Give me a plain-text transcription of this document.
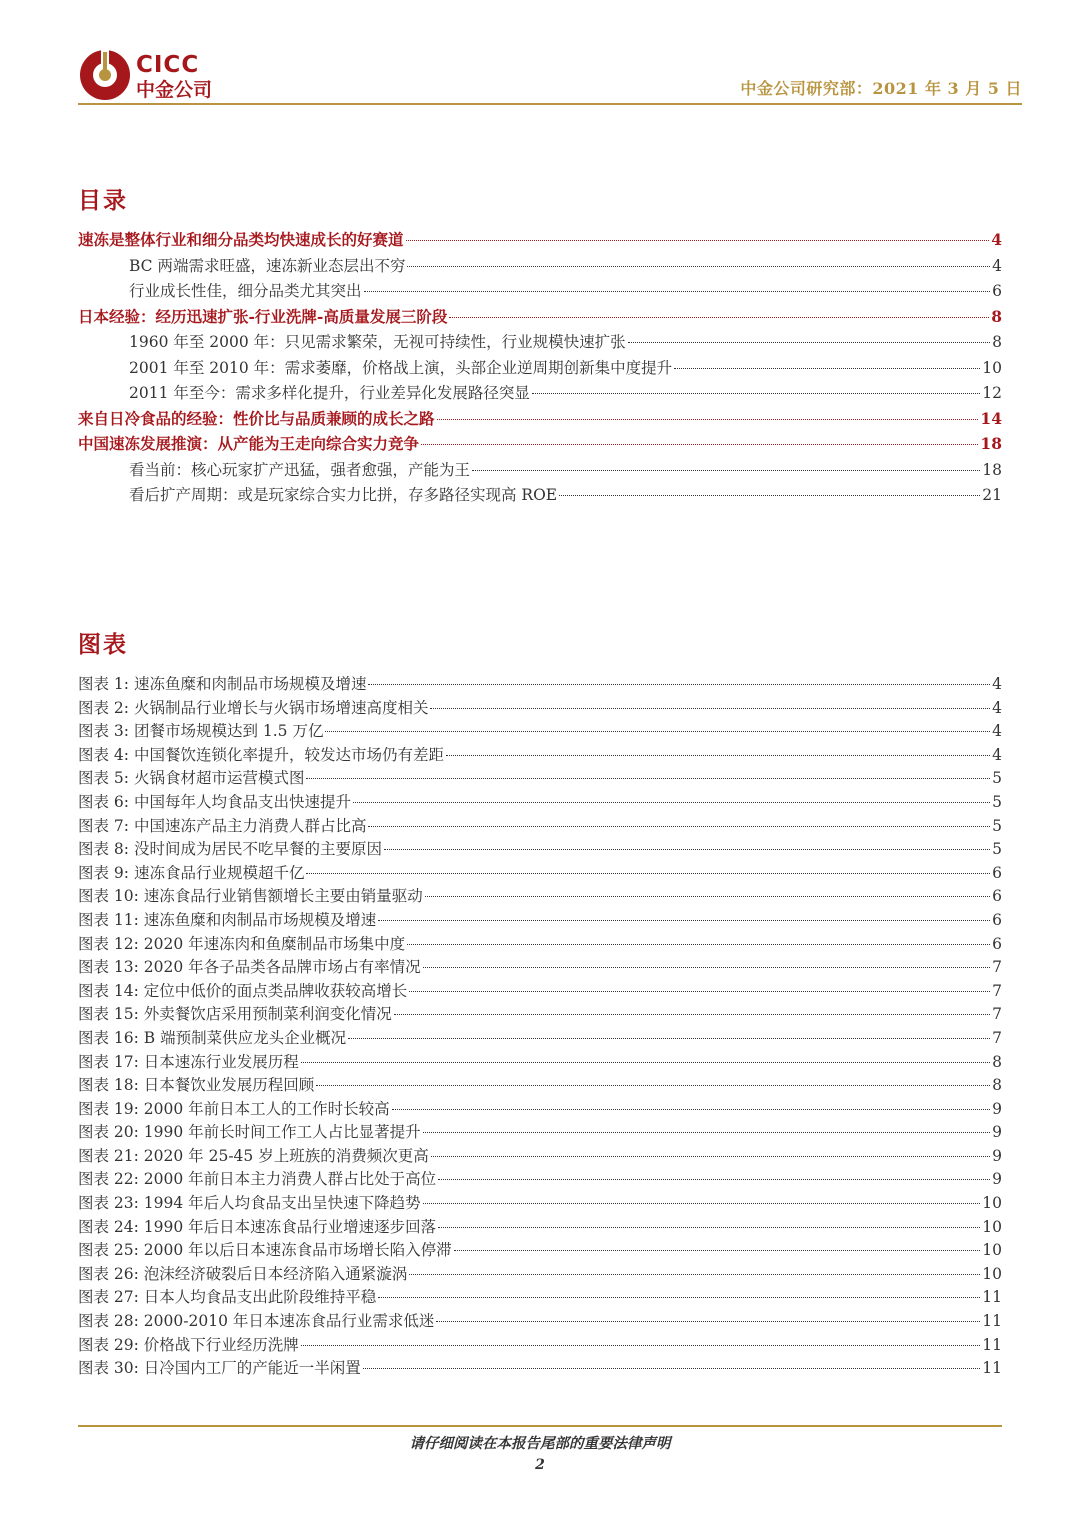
CICC
中金公司	中金公司研究部：2021 年 3 月 5 日
目录
速冻是整体行业和细分品类均快速成长的好赛道	4
BC 两端需求旺盛，速冻新业态层出不穷	4
行业成长性佳，细分品类尤其突出	6
日本经验：经历迅速扩张-行业洗牌-高质量发展三阶段	8
1960 年至 2000 年：只见需求繁荣，无视可持续性，行业规模快速扩张	8
2001 年至 2010 年：需求萎靡，价格战上演，头部企业逆周期创新集中度提升	10
2011 年至今：需求多样化提升，行业差异化发展路径突显	12
来自日冷食品的经验：性价比与品质兼顾的成长之路	14
中国速冻发展推演：从产能为王走向综合实力竞争	18
看当前：核心玩家扩产迅猛，强者愈强，产能为王	18
看后扩产周期：或是玩家综合实力比拼，存多路径实现高 ROE	21
图表
图表 1: 速冻鱼糜和肉制品市场规模及增速	4
图表 2: 火锅制品行业增长与火锅市场增速高度相关	4
图表 3: 团餐市场规模达到 1.5 万亿	4
图表 4: 中国餐饮连锁化率提升，较发达市场仍有差距	4
图表 5: 火锅食材超市运营模式图	5
图表 6: 中国每年人均食品支出快速提升	5
图表 7: 中国速冻产品主力消费人群占比高	5
图表 8: 没时间成为居民不吃早餐的主要原因	5
图表 9: 速冻食品行业规模超千亿	6
图表 10: 速冻食品行业销售额增长主要由销量驱动	6
图表 11: 速冻鱼糜和肉制品市场规模及增速	6
图表 12: 2020 年速冻肉和鱼糜制品市场集中度	6
图表 13: 2020 年各子品类各品牌市场占有率情况	7
图表 14: 定位中低价的面点类品牌收获较高增长	7
图表 15: 外卖餐饮店采用预制菜利润变化情况	7
图表 16: B 端预制菜供应龙头企业概况	7
图表 17: 日本速冻行业发展历程	8
图表 18: 日本餐饮业发展历程回顾	8
图表 19: 2000 年前日本工人的工作时长较高	9
图表 20: 1990 年前长时间工作工人占比显著提升	9
图表 21: 2020 年 25-45 岁上班族的消费频次更高	9
图表 22: 2000 年前日本主力消费人群占比处于高位	9
图表 23: 1994 年后人均食品支出呈快速下降趋势	10
图表 24: 1990 年后日本速冻食品行业增速逐步回落	10
图表 25: 2000 年以后日本速冻食品市场增长陷入停滞	10
图表 26: 泡沫经济破裂后日本经济陷入通紧漩涡	10
图表 27: 日本人均食品支出此阶段维持平稳	11
图表 28: 2000-2010 年日本速冻食品行业需求低迷	11
图表 29: 价格战下行业经历洗牌	11
图表 30: 日冷国内工厂的产能近一半闲置	11
请仔细阅读在本报告尾部的重要法律声明
2
